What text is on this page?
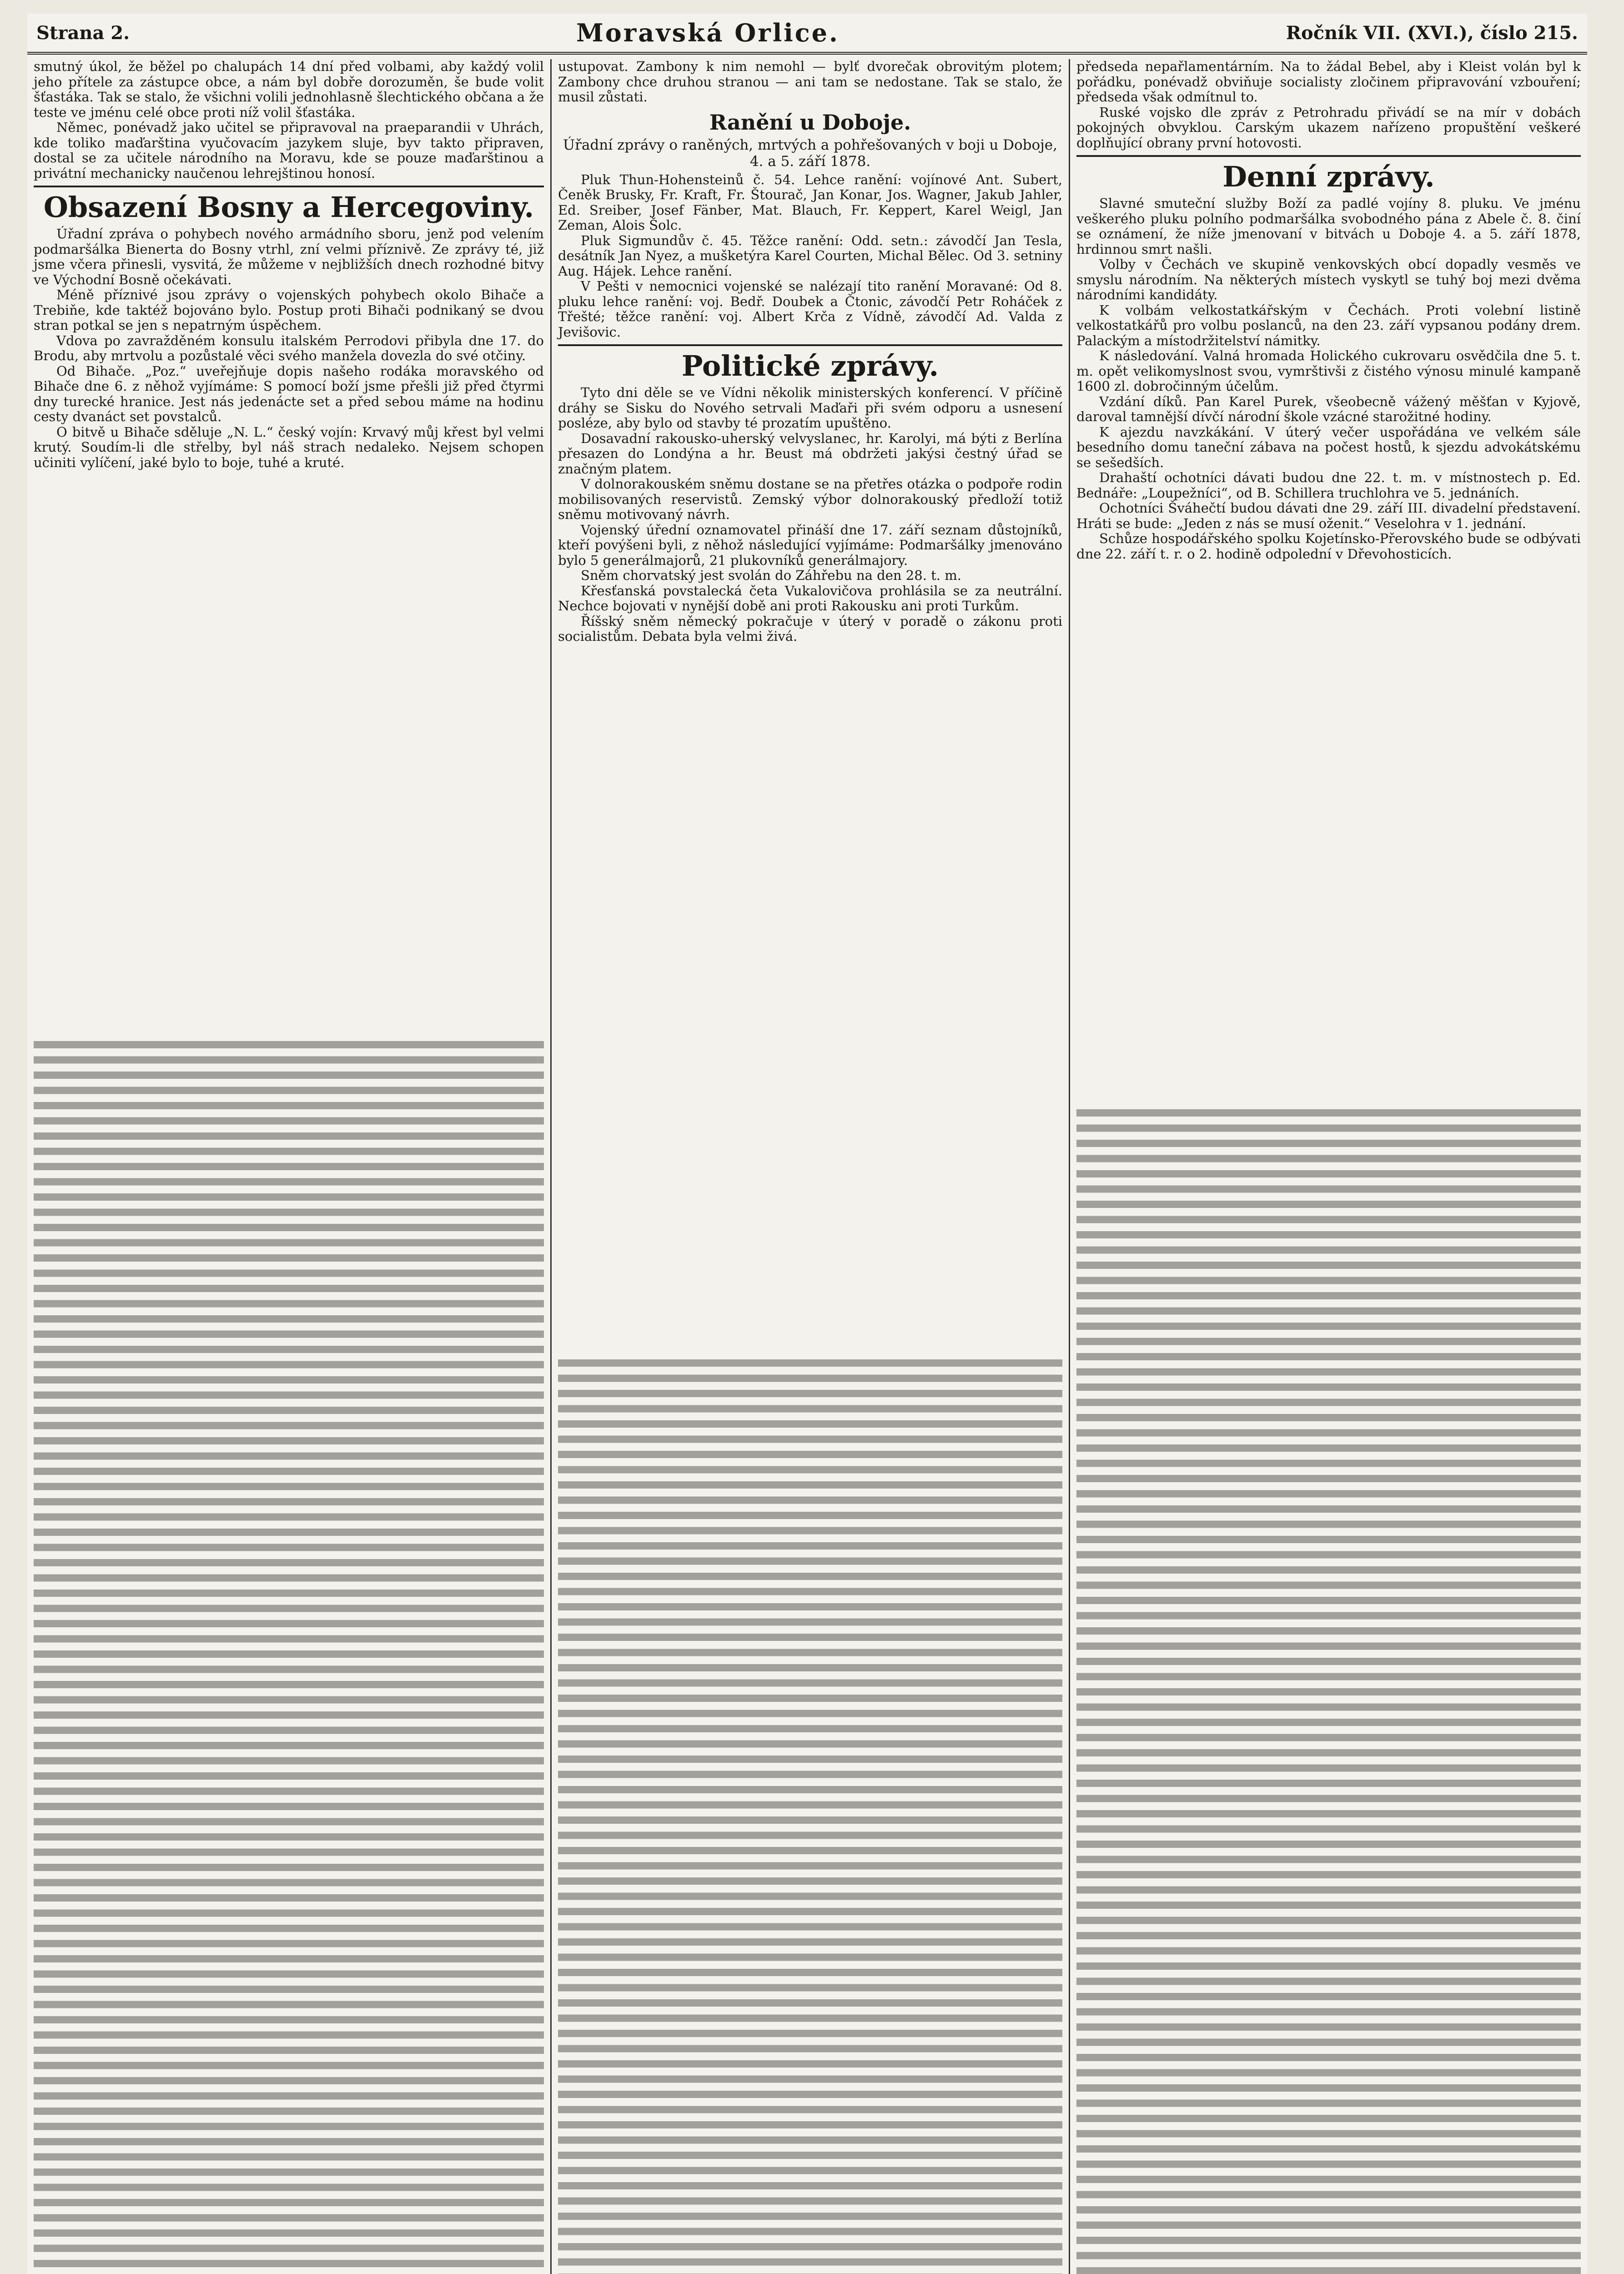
Strana 2.	Moravská Orlice.	Ročník VII. (XVI.), číslo 215.

smutný úkol, že běžel po chalupách 14 dní před volbami, aby každý volil jeho přítele za zástupce obce, a nám byl dobře dorozuměn, še bude volit šťastáka. Tak se stalo, že všichni volili jednohlasně šlechtického občana a že teste ve jménu celé obce proti níž volil šťastáka.

Němec, ponévadž jako učitel se připravoval na praeparandii v Uhrách, kde toliko maďarština vyučovacím jazykem sluje, byv takto připraven, dostal se za učitele národního na Moravu, kde se pouze maďarštinou a privátní mechanicky naučenou lehrejštinou honosí.

Obsazení Bosny a Hercegoviny.

Úřadní zpráva o pohybech nového armádního sboru, jenž pod velením podmaršálka Bienerta do Bosny vtrhl, zní velmi příznivě. Ze zprávy té, již jsme včera přinesli, vysvitá, že můžeme v nejbližších dnech rozhodné bitvy ve Východní Bosně očekávati.

Méně příznivé jsou zprávy o vojenských pohybech okolo Bihače a Trebiňe, kde taktéž bojováno bylo. Postup proti Bihači podnikaný se dvou stran potkal se jen s nepatrným úspěchem.

Vdova po zavražděném konsulu italském Perrodovi přibyla dne 17. do Brodu, aby mrtvolu a pozůstalé věci svého manžela dovezla do své otčiny.

Od Bihače. „Poz.“ uveřejňuje dopis našeho rodáka moravského od Bihače dne 6. z něhož vyjímáme: S pomocí boží jsme přešli již před čtyrmi dny turecké hranice. Jest nás jedenácte set a před sebou máme na hodinu cesty dvanáct set povstalců.

O bitvě u Bihače sděluje „N. L.“ český vojín: Krvavý můj křest byl velmi krutý. Soudím-li dle střelby, byl náš strach nedaleko. Nejsem schopen učiniti vylíčení, jaké bylo to boje, tuhé a kruté.

ustupovat. Zambony k nim nemohl — bylť dvorečak obrovitým plotem; Zambony chce druhou stranou — ani tam se nedostane. Tak se stalo, že musil zůstati.

Ranění u Doboje.
Úřadní zprávy o raněných, mrtvých a pohřešovaných v boji u Doboje, 4. a 5. září 1878.

Pluk Thun-Hohensteinů č. 54. Lehce ranění: vojínové Ant. Subert, Čeněk Brusky, Fr. Kraft, Fr. Štourač, Jan Konar, Jos. Wagner, Jakub Jahler, Ed. Sreiber, Josef Fänber, Mat. Blauch, Fr. Keppert, Karel Weigl, Jan Zeman, Alois Šolc.

Pluk Sigmundův č. 45. Těžce ranění: Odd. setn.: závodčí Jan Tesla, desátník Jan Nyez, a mušketýra Karel Courten, Michal Bělec. Od 3. setniny Aug. Hájek. Lehce ranění.

V Pešti v nemocnici vojenské se nalézají tito ranění Moravané: Od 8. pluku lehce ranění: voj. Bedř. Doubek a Čtonic, závodčí Petr Roháček z Třešté; těžce ranění: voj. Albert Krča z Vídně, závodčí Ad. Valda z Jevišovic.

Politické zprávy.

Tyto dni děle se ve Vídni několik ministerských konferencí. V příčině dráhy se Sisku do Nového setrvali Maďaři při svém odporu a usnesení posléze, aby bylo od stavby té prozatím upuštěno.

Dosavadní rakousko-uherský velvyslanec, hr. Karolyi, má býti z Berlína přesazen do Londýna a hr. Beust má obdržeti jakýsi čestný úřad se značným platem.

V dolnorakouském sněmu dostane se na přetřes otázka o podpoře rodin mobilisovaných reservistů. Zemský výbor dolnorakouský předloží totiž sněmu motivovaný návrh.

Vojenský úřední oznamovatel přináší dne 17. září seznam důstojníků, kteří povýšeni byli, z něhož následující vyjímáme: Podmaršálky jmenováno bylo 5 generálmajorů, 21 plukovníků generálmajory.

Sněm chorvatský jest svolán do Záhřebu na den 28. t. m.

Křesťanská povstalecká četa Vukalovičova prohlásila se za neutrální. Nechce bojovati v nynější době ani proti Rakousku ani proti Turkům.

Říšský sněm německý pokračuje v úterý v poradě o zákonu proti socialistům. Debata byla velmi živá.

předseda nepařlamentárním. Na to žádal Bebel, aby i Kleist volán byl k pořádku, ponévadž obviňuje socialisty zločinem připravování vzbouření; předseda však odmítnul to.

Ruské vojsko dle zpráv z Petrohradu přivádí se na mír v dobách pokojných obvyklou. Carským ukazem nařízeno propuštění veškeré doplňující obrany první hotovosti.

Denní zprávy.

Slavné smuteční služby Boží za padlé vojíny 8. pluku. Ve jménu veškerého pluku polního podmaršálka svobodného pána z Abele č. 8. činí se oznámení, že níže jmenovaní v bitvách u Doboje 4. a 5. září 1878, hrdinnou smrt našli.

Volby v Čechách ve skupině venkovských obcí dopadly vesměs ve smyslu národním. Na některých místech vyskytl se tuhý boj mezi dvěma národními kandidáty.

K volbám velkostatkářským v Čechách. Proti volební listině velkostatkářů pro volbu poslanců, na den 23. září vypsanou podány drem. Palackým a místodržitelství námitky.

K následování. Valná hromada Holického cukrovaru osvědčila dne 5. t. m. opět velikomyslnost svou, vymrštivši z čistého výnosu minulé kampaně 1600 zl. dobročinným účelům.

Vzdání díků. Pan Karel Purek, všeobecně vážený měšťan v Kyjově, daroval tamnější dívčí národní škole vzácné starožitné hodiny.

K ajezdu navzkákání. V úterý večer uspořádána ve velkém sále besedního domu taneční zábava na počest hostů, k sjezdu advokátskému se sešedších.

Drahaští ochotníci dávati budou dne 22. t. m. v místnostech p. Ed. Bednáře: „Loupežníci“, od B. Schillera truchlohra ve 5. jednáních.

Ochotníci Šváhečtí budou dávati dne 29. září III. divadelní představení. Hráti se bude: „Jeden z nás se musí oženit.“ Veselohra v 1. jednání.

Schůze hospodářského spolku Kojetínsko-Přerovského bude se odbývati dne 22. září t. r. o 2. hodině odpolední v Dřevohosticích.
